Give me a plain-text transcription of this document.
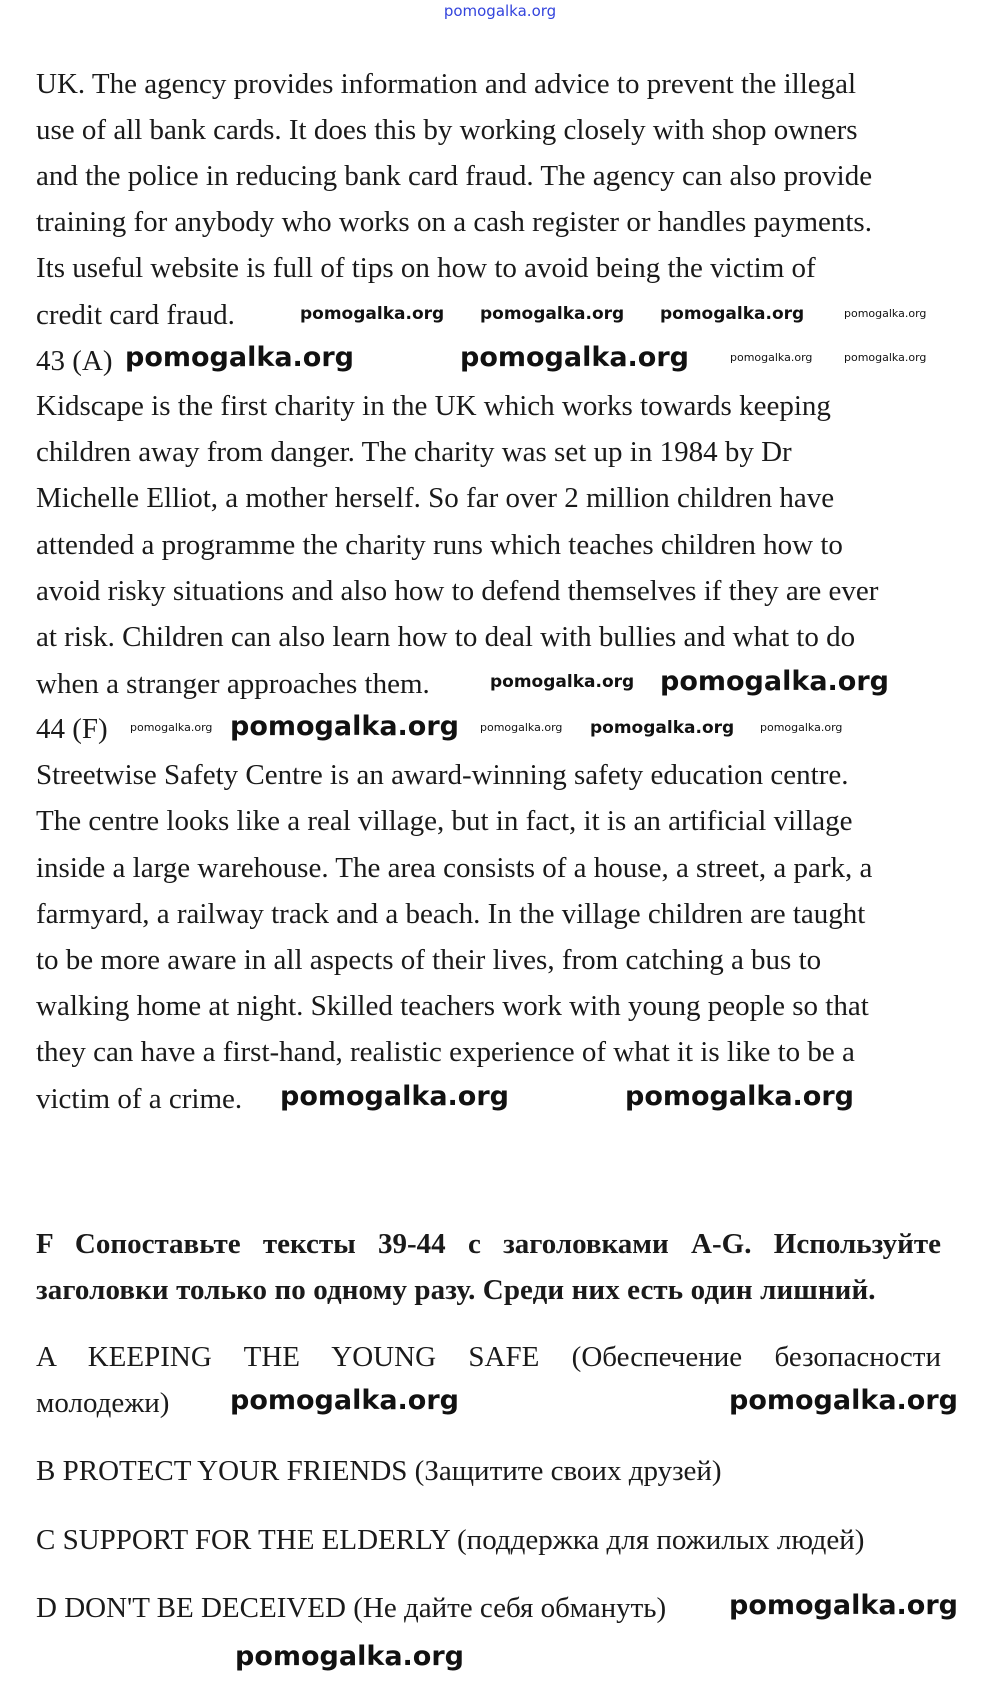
pomogalka.org
UK. The agency provides information and advice to prevent the illegal
use of all bank cards. It does this by working closely with shop owners
and the police in reducing bank card fraud. The agency can also provide
training for anybody who works on a cash register or handles payments.
Its useful website is full of tips on how to avoid being the victim of
credit card fraud.
43 (A)
Kidscape is the first charity in the UK which works towards keeping
children away from danger. The charity was set up in 1984 by Dr
Michelle Elliot, a mother herself. So far over 2 million children have
attended a programme the charity runs which teaches children how to
avoid risky situations and also how to defend themselves if they are ever
at risk. Children can also learn how to deal with bullies and what to do
when a stranger approaches them.
44 (F)
Streetwise Safety Centre is an award-winning safety education centre.
The centre looks like a real village, but in fact, it is an artificial village
inside a large warehouse. The area consists of a house, a street, a park, a
farmyard, a railway track and a beach. In the village children are taught
to be more aware in all aspects of their lives, from catching a bus to
walking home at night. Skilled teachers work with young people so that
they can have a first-hand, realistic experience of what it is like to be a
victim of a crime.
F Сопоставьте тексты 39-44 с заголовками A-G. Используйте
заголовки только по одному разу. Среди них есть один лишний.
A KEEPING THE YOUNG SAFE (Обеспечение безопасности
молодежи)
B PROTECT YOUR FRIENDS (Защитите своих друзей)
C SUPPORT FOR THE ELDERLY (поддержка для пожилых людей)
D DON'T BE DECEIVED (Не дайте себя обмануть)
pomogalka.org pomogalka.org pomogalka.org	pomogalka.org
pomogalka.org	pomogalka.org	pomogalka.org	pomogalka.org
pomogalka.org pomogalka.org
pomogalka.org pomogalka.org pomogalka.org pomogalka.org pomogalka.org
pomogalka.org	pomogalka.org
pomogalka.org	pomogalka.org
pomogalka.org
pomogalka.org
